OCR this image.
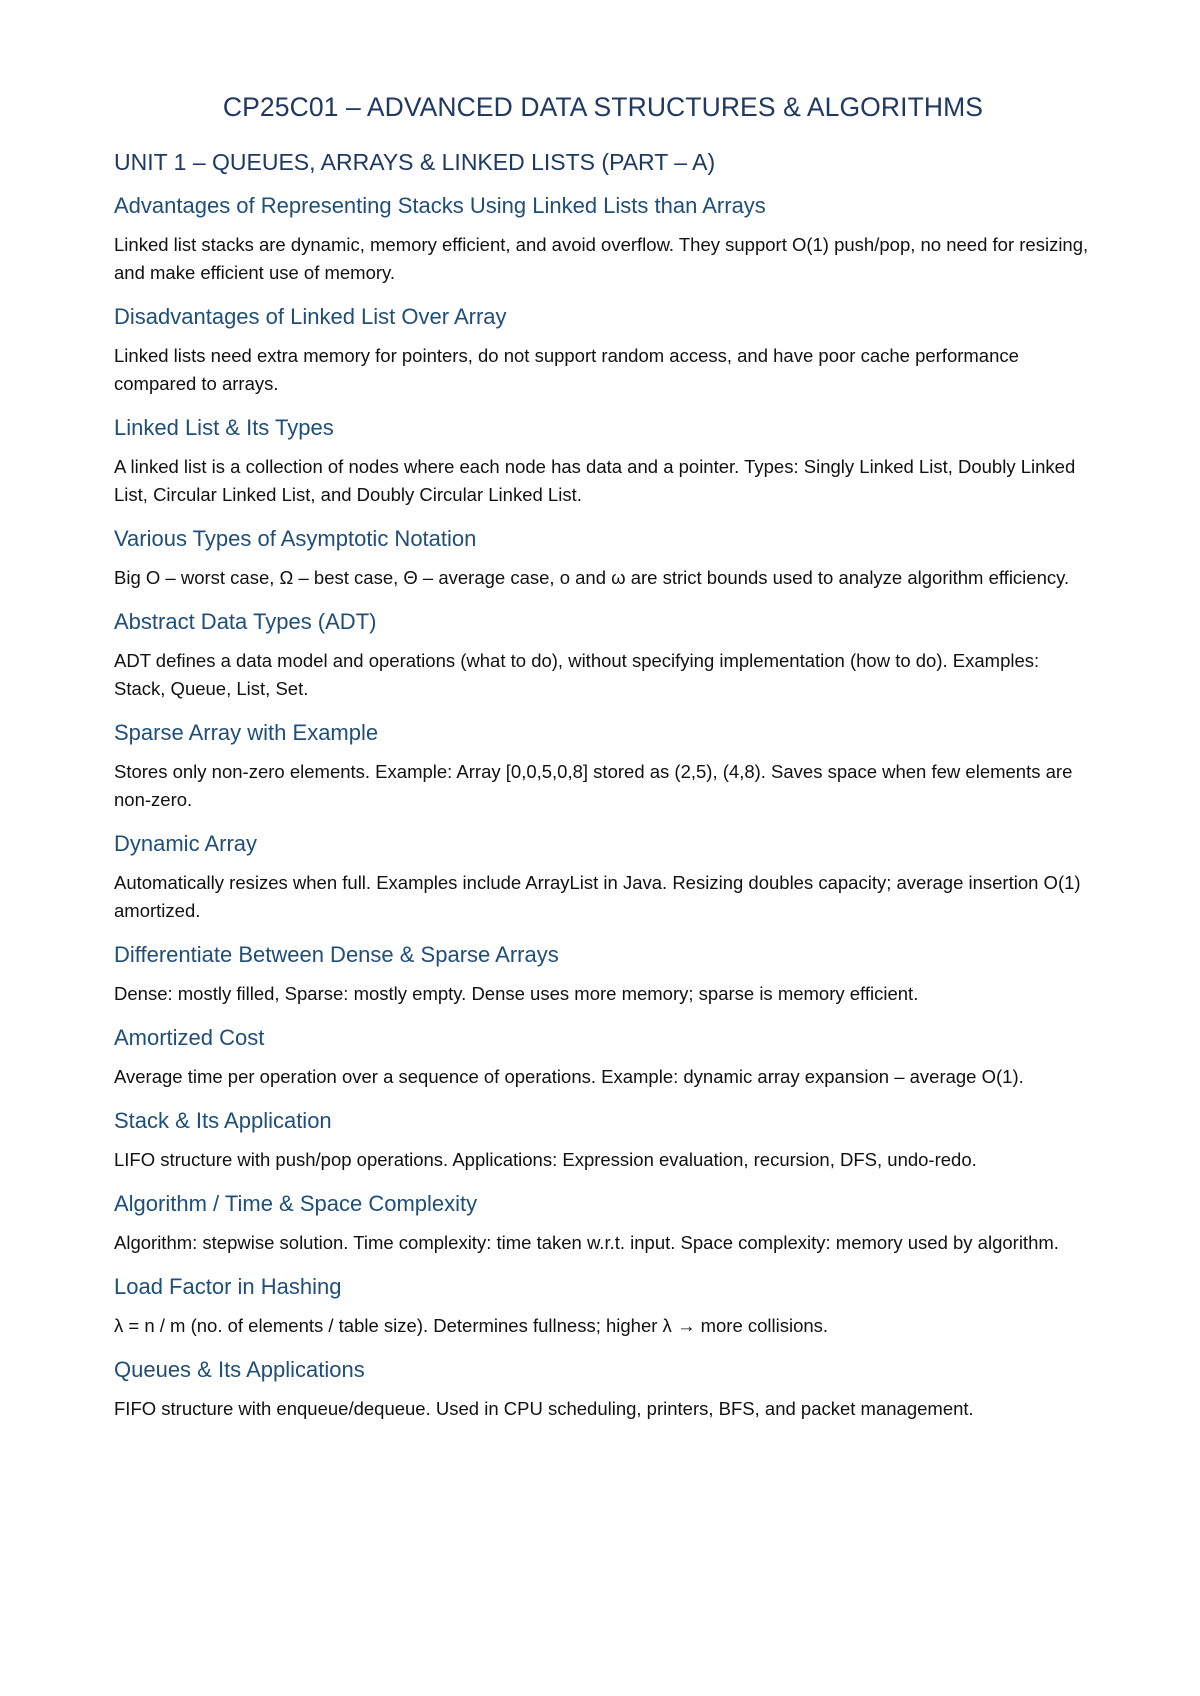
CP25C01 – ADVANCED DATA STRUCTURES & ALGORITHMS
UNIT 1 – QUEUES, ARRAYS & LINKED LISTS (PART – A)
Advantages of Representing Stacks Using Linked Lists than Arrays

Linked list stacks are dynamic, memory efficient, and avoid overflow. They support O(1) push/pop, no need for resizing, and make efficient use of memory.

Disadvantages of Linked List Over Array

Linked lists need extra memory for pointers, do not support random access, and have poor cache performance compared to arrays.

Linked List & Its Types

A linked list is a collection of nodes where each node has data and a pointer. Types: Singly Linked List, Doubly Linked List, Circular Linked List, and Doubly Circular Linked List.

Various Types of Asymptotic Notation

Big O – worst case, Ω – best case, Θ – average case, o and ω are strict bounds used to analyze algorithm efficiency.

Abstract Data Types (ADT)

ADT defines a data model and operations (what to do), without specifying implementation (how to do). Examples: Stack, Queue, List, Set.

Sparse Array with Example

Stores only non-zero elements. Example: Array [0,0,5,0,8] stored as (2,5), (4,8). Saves space when few elements are non-zero.

Dynamic Array

Automatically resizes when full. Examples include ArrayList in Java. Resizing doubles capacity; average insertion O(1) amortized.

Differentiate Between Dense & Sparse Arrays

Dense: mostly filled, Sparse: mostly empty. Dense uses more memory; sparse is memory efficient.

Amortized Cost

Average time per operation over a sequence of operations. Example: dynamic array expansion – average O(1).

Stack & Its Application

LIFO structure with push/pop operations. Applications: Expression evaluation, recursion, DFS, undo-redo.

Algorithm / Time & Space Complexity

Algorithm: stepwise solution. Time complexity: time taken w.r.t. input. Space complexity: memory used by algorithm.

Load Factor in Hashing

λ = n / m (no. of elements / table size). Determines fullness; higher λ → more collisions.

Queues & Its Applications

FIFO structure with enqueue/dequeue. Used in CPU scheduling, printers, BFS, and packet management.
